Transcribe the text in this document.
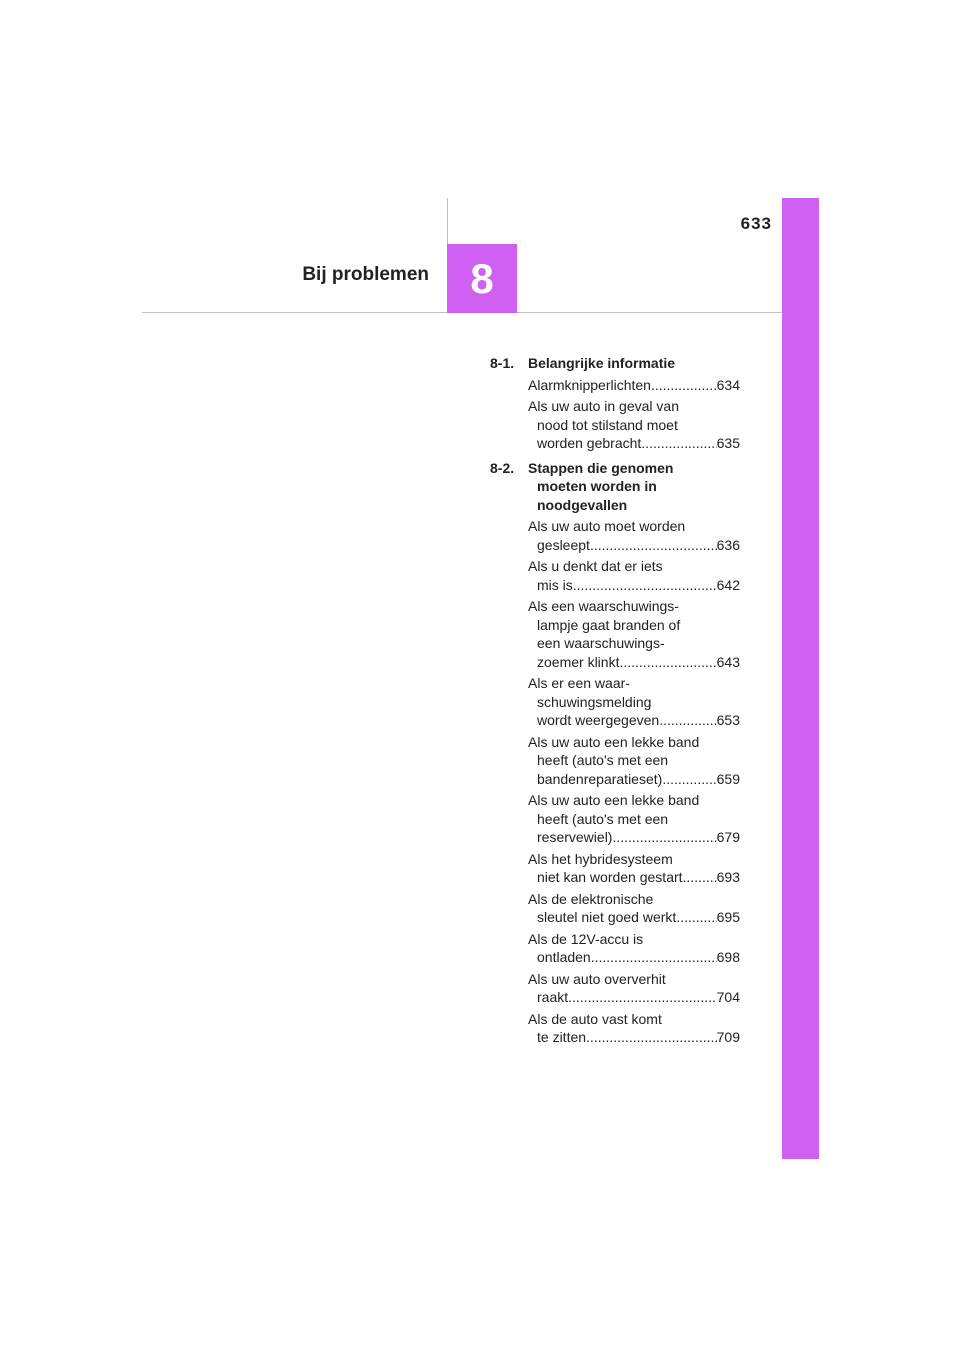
633
Bij problemen 8
8-1. Belangrijke informatie
Alarmknipperlichten .....	634
Als uw auto in geval van
nood tot stilstand moet
worden gebracht .....	635
8-2. Stappen die genomen
moeten worden in
noodgevallen
Als uw auto moet worden
gesleept .....	636
Als u denkt dat er iets
mis is .....	642
Als een waarschuwings-
lampje gaat branden of
een waarschuwings-
zoemer klinkt .....	643
Als er een waar-
schuwingsmelding
wordt weergegeven .....	653
Als uw auto een lekke band
heeft (auto's met een
bandenreparatieset) .....	659
Als uw auto een lekke band
heeft (auto's met een
reservewiel) .....	679
Als het hybridesysteem
niet kan worden gestart ..... 693
Als de elektronische
sleutel niet goed werkt .....	695
Als de 12V-accu is
ontladen .....	698
Als uw auto oververhit
raakt .....	704
Als de auto vast komt
te zitten .....	709
